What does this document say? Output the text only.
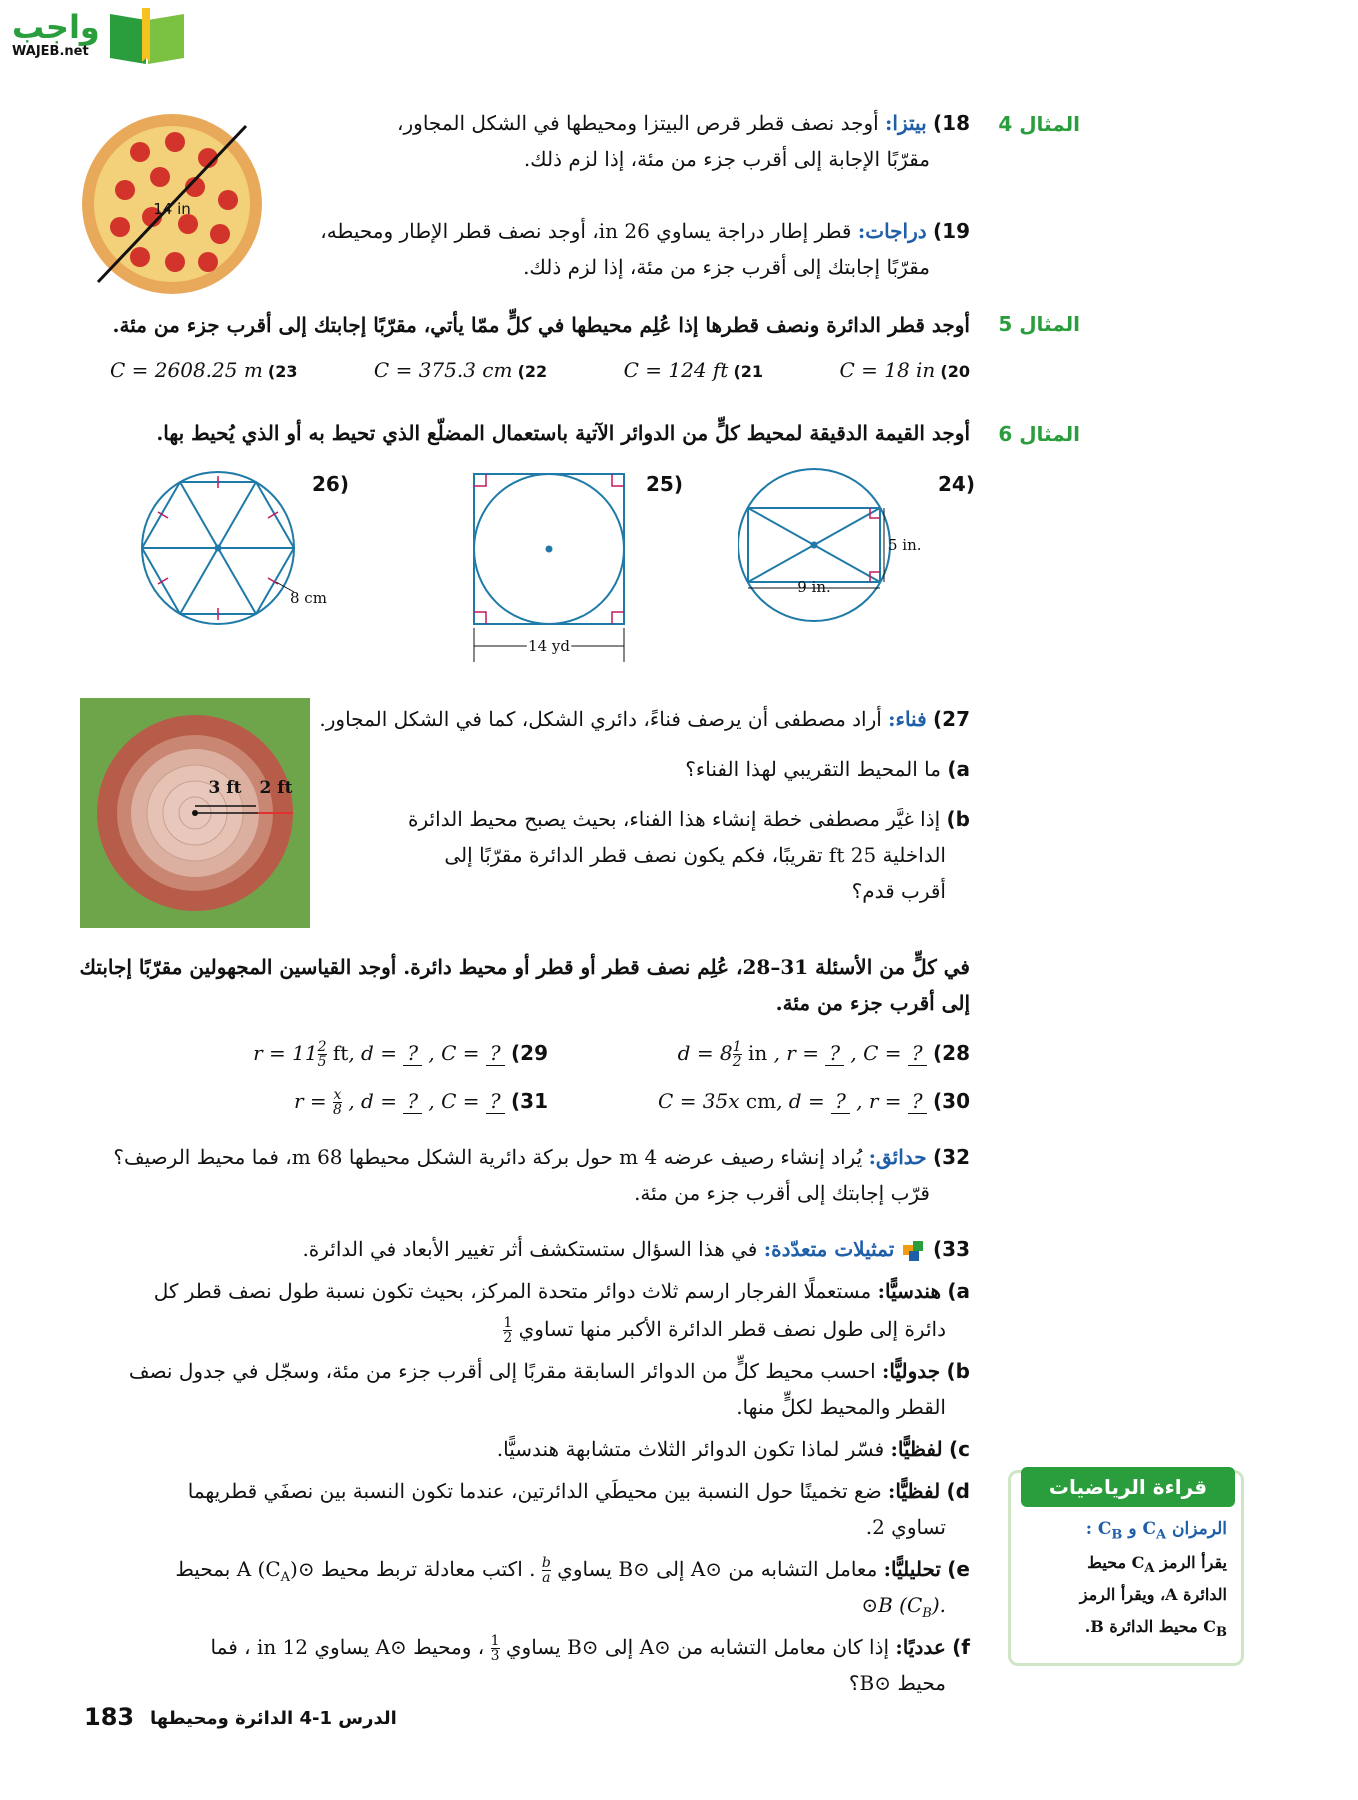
واجب
WAJEB.net
14 in
المثال 4
المثال 5
المثال 6
18) بيتزا: أوجد نصف قطر قرص البيتزا ومحيطها في الشكل المجاور،
مقرّبًا الإجابة إلى أقرب جزء من مئة، إذا لزم ذلك.
19) دراجات: قطر إطار دراجة يساوي 26 in، أوجد نصف قطر الإطار ومحيطه،
مقرّبًا إجابتك إلى أقرب جزء من مئة، إذا لزم ذلك.
أوجد قطر الدائرة ونصف قطرها إذا عُلِم محيطها في كلٍّ ممّا يأتي، مقرّبًا إجابتك إلى أقرب جزء من مئة.
20) C = 18 in
21) C = 124 ft
22) C = 375.3 cm
23) C = 2608.25 m
أوجد القيمة الدقيقة لمحيط كلٍّ من الدوائر الآتية باستعمال المضلّع الذي تحيط به أو الذي يُحيط بها.
24)
25)
26)
5 in.
9 in.
14 yd
8 cm
3 ft 2 ft
27) فناء: أراد مصطفى أن يرصف فناءً، دائري الشكل، كما في الشكل المجاور.
a) ما المحيط التقريبي لهذا الفناء؟
b) إذا غيَّر مصطفى خطة إنشاء هذا الفناء، بحيث يصبح محيط الدائرة
الداخلية 25 ft تقريبًا، فكم يكون نصف قطر الدائرة مقرّبًا إلى
أقرب قدم؟
في كلٍّ من الأسئلة 31–28، عُلِم نصف قطر أو قطر أو محيط دائرة. أوجد القياسين المجهولين مقرّبًا إجابتك
إلى أقرب جزء من مئة.
28) $d = 8 \frac{1}{2}$ in , r = ? , C = ?
29) $r = 11 \frac{2}{5}$ ft, d = ? , C = ?
30) C = 35x cm, d = ? , r = ?
31) $r = \frac{x}{8}$ , d = ? , C = ?
32) حدائق: يُراد إنشاء رصيف عرضه 4 m حول بركة دائرية الشكل محيطها 68 m، فما محيط الرصيف؟
قرّب إجابتك إلى أقرب جزء من مئة.
33)  تمثيلات متعدّدة: في هذا السؤال ستستكشف أثر تغيير الأبعاد في الدائرة.
a) هندسيًّا: مستعملًا الفرجار ارسم ثلاث دوائر متحدة المركز، بحيث تكون نسبة طول نصف قطر كل
دائرة إلى طول نصف قطر الدائرة الأكبر منها تساوي
$\frac{1}{2}$
b) جدوليًّا: احسب محيط كلٍّ من الدوائر السابقة مقربًا إلى أقرب جزء من مئة، وسجّل في جدول نصف
القطر والمحيط لكلٍّ منها.
c) لفظيًّا: فسّر لماذا تكون الدوائر الثلاث متشابهة هندسيًّا.
d) لفظيًّا: ضع تخمينًا حول النسبة بين محيطَي الدائرتين، عندما تكون النسبة بين نصفَي قطريهما
تساوي 2.
e) تحليليًّا: معامل التشابه من ⊙A إلى ⊙B يساوي
$\frac{b}{a}$
. اكتب معادلة تربط محيط ⊙A $(C_A)$ بمحيط
⊙B $(C_B)$.
f) عدديًا: إذا كان معامل التشابه من ⊙A إلى ⊙B يساوي
$\frac{1}{3}$
، ومحيط ⊙A يساوي 12 in ، فما
محيط ⊙B؟
قراءة الرياضيات
الرمزان $C_A$ و $C_B$ :
يقرأ الرمز $C_A$ محيط
الدائرة A، ويقرأ الرمز
$C_B$ محيط الدائرة B.
183 الدرس 1-4 الدائرة ومحيطها
